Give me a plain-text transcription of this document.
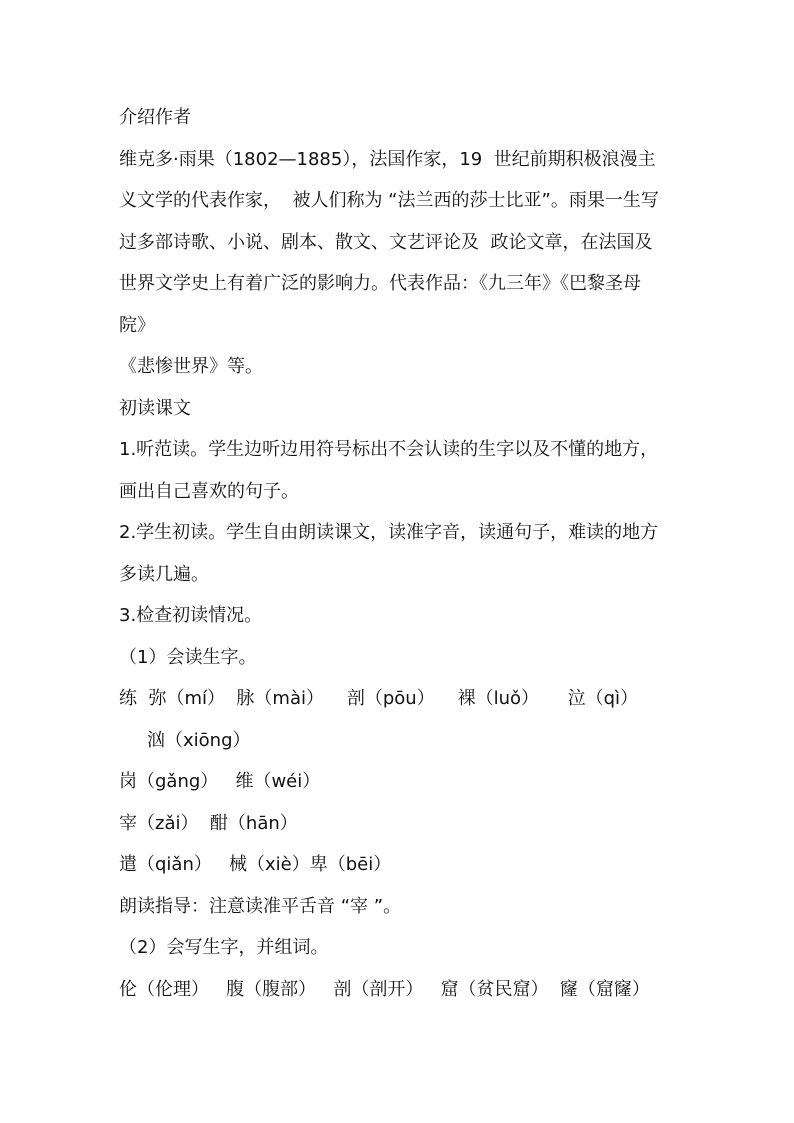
介绍作者
维克多·雨果（1802—1885），法国作家，19  世纪前期积极浪漫主
义文学的代表作家，  被人们称为 “法兰西的莎士比亚”。雨果一生写
过多部诗歌、小说、剧本、散文、文艺评论及  政论文章，在法国及
世界文学史上有着广泛的影响力。代表作品：《九三年》《巴黎圣母
院》
《悲惨世界》等。
初读课文
1.听范读。学生边听边用符号标出不会认读的生字以及不懂的地方，
画出自己喜欢的句子。
2.学生初读。学生自由朗读课文，读准字音，读通句子，难读的地方
多读几遍。
3.检查初读情况。
（1）会读生字。
练  弥（mí）  脉（mài）    剖（pōu）    裸（luǒ）     泣（qì）
汹（xiōng）
岗（gǎng）   维（wéi）
宰（zǎi）  酣（hān）
遣（qiǎn）   械（xiè）卑（bēi）
朗读指导：注意读准平舌音 “宰 ”。
（2）会写生字，并组词。
伦（伦理）   腹（腹部）   剖（剖开）   窟（贫民窟）  窿（窟窿）
